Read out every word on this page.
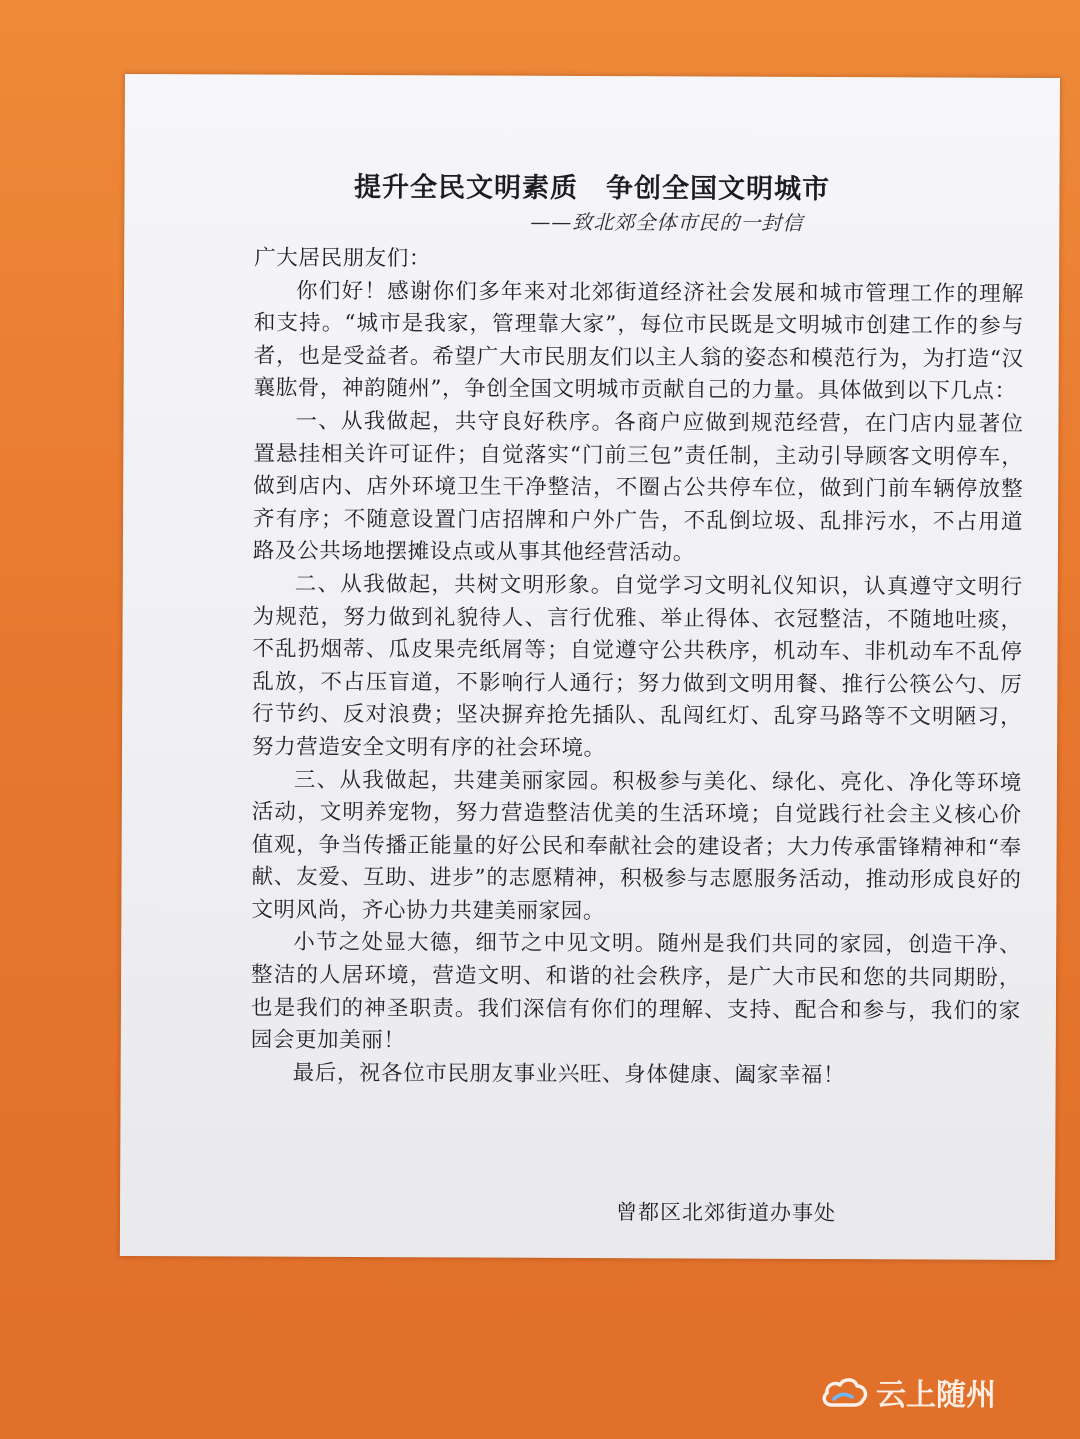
提升全民文明素质　争创全国文明城市
——致北郊全体市民的一封信

广大居民朋友们：

你们好！感谢你们多年来对北郊街道经济社会发展和城市管理工作的理解和支持。“城市是我家，管理靠大家”，每位市民既是文明城市创建工作的参与者，也是受益者。希望广大市民朋友们以主人翁的姿态和模范行为，为打造“汉襄肱骨，神韵随州”，争创全国文明城市贡献自己的力量。具体做到以下几点：

一、从我做起，共守良好秩序。各商户应做到规范经营，在门店内显著位置悬挂相关许可证件；自觉落实“门前三包”责任制，主动引导顾客文明停车，做到店内、店外环境卫生干净整洁，不圈占公共停车位，做到门前车辆停放整齐有序；不随意设置门店招牌和户外广告，不乱倒垃圾、乱排污水，不占用道路及公共场地摆摊设点或从事其他经营活动。

二、从我做起，共树文明形象。自觉学习文明礼仪知识，认真遵守文明行为规范，努力做到礼貌待人、言行优雅、举止得体、衣冠整洁，不随地吐痰，不乱扔烟蒂、瓜皮果壳纸屑等；自觉遵守公共秩序，机动车、非机动车不乱停乱放，不占压盲道，不影响行人通行；努力做到文明用餐、推行公筷公勺、厉行节约、反对浪费；坚决摒弃抢先插队、乱闯红灯、乱穿马路等不文明陋习，努力营造安全文明有序的社会环境。

三、从我做起，共建美丽家园。积极参与美化、绿化、亮化、净化等环境活动，文明养宠物，努力营造整洁优美的生活环境；自觉践行社会主义核心价值观，争当传播正能量的好公民和奉献社会的建设者；大力传承雷锋精神和“奉献、友爱、互助、进步”的志愿精神，积极参与志愿服务活动，推动形成良好的文明风尚，齐心协力共建美丽家园。

小节之处显大德，细节之中见文明。随州是我们共同的家园，创造干净、整洁的人居环境，营造文明、和谐的社会秩序，是广大市民和您的共同期盼，也是我们的神圣职责。我们深信有你们的理解、支持、配合和参与，我们的家园会更加美丽！

最后，祝各位市民朋友事业兴旺、身体健康、阖家幸福！

曾都区北郊街道办事处
云上随州
